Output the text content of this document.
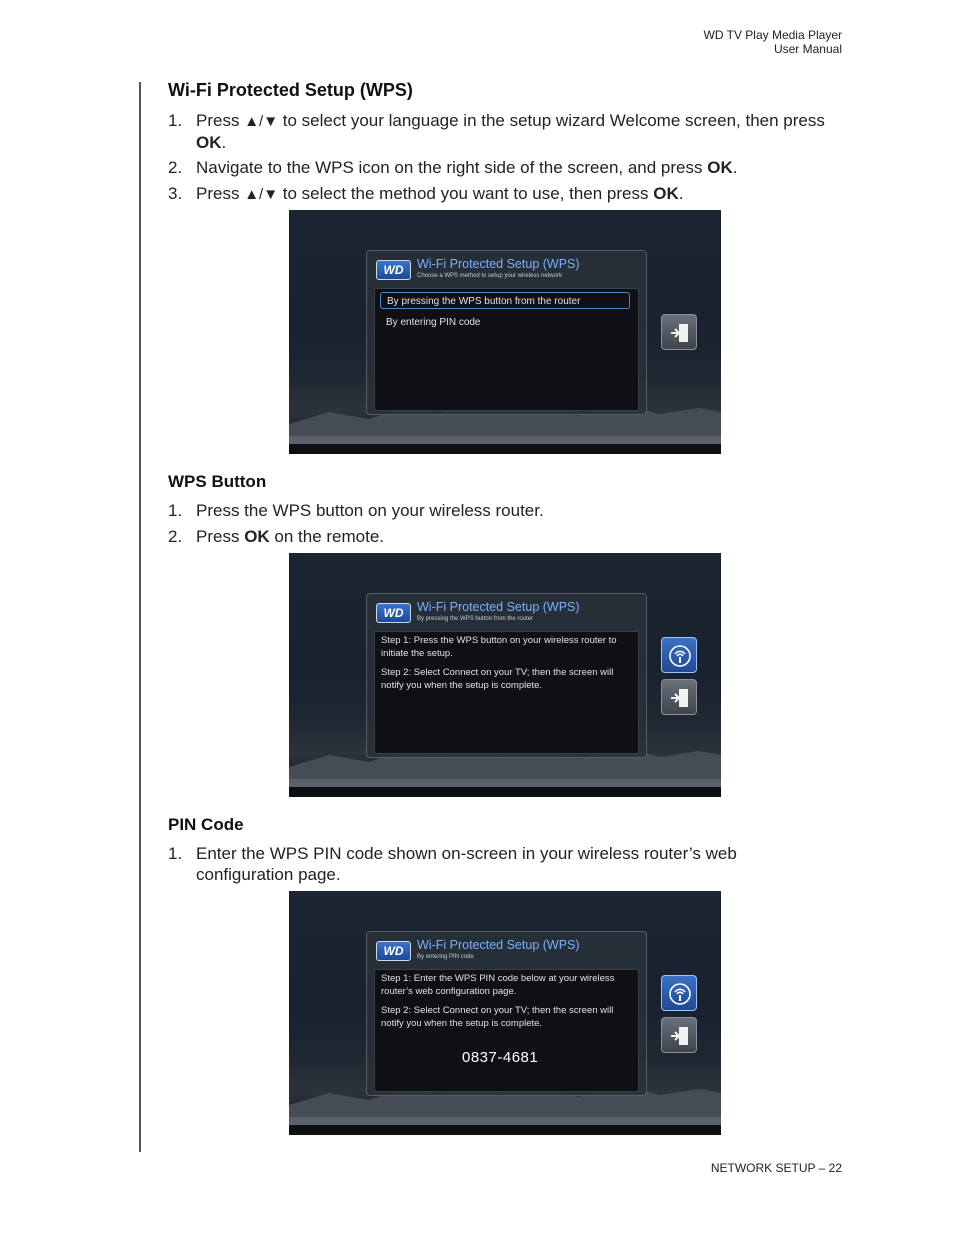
WD TV Play Media Player
User Manual
Wi-Fi Protected Setup (WPS)
1. Press ▲/▼ to select your language in the setup wizard Welcome screen, then press OK.
2. Navigate to the WPS icon on the right side of the screen, and press OK.
3. Press ▲/▼ to select the method you want to use, then press OK.
WD	Wi-Fi Protected Setup (WPS)
Choose a WPS method to setup your wireless network
By pressing the WPS button from the router
By entering PIN code
WPS Button
1. Press the WPS button on your wireless router.
2. Press OK on the remote.
WD	Wi-Fi Protected Setup (WPS)
By pressing the WPS button from the router
Step 1: Press the WPS button on your wireless router to initiate the setup.
Step 2: Select Connect on your TV; then the screen will notify you when the setup is complete.
PIN Code
1. Enter the WPS PIN code shown on-screen in your wireless router’s web configuration page.
WD	Wi-Fi Protected Setup (WPS)
By entering PIN code
Step 1: Enter the WPS PIN code below at your wireless router’s web configuration page.
Step 2: Select Connect on your TV; then the screen will notify you when the setup is complete.
0837-4681
NETWORK SETUP – 22
